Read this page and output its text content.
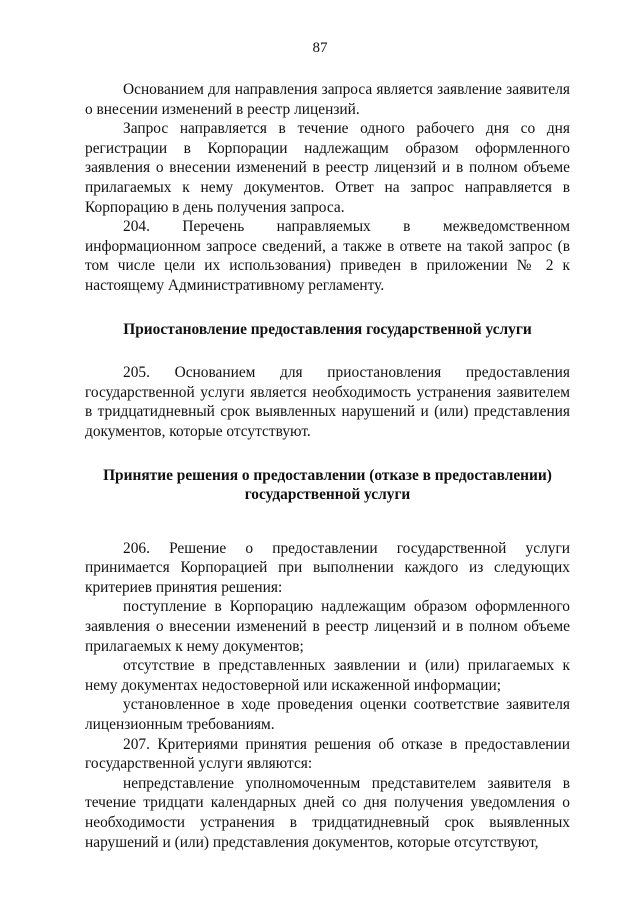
87

Основанием для направления запроса является заявление заявителя о внесении изменений в реестр лицензий.

Запрос направляется в течение одного рабочего дня со дня регистрации в Корпорации надлежащим образом оформленного заявления о внесении изменений в реестр лицензий и в полном объеме прилагаемых к нему документов. Ответ на запрос направляется в Корпорацию в день получения запроса.

204. Перечень направляемых в межведомственном информационном запросе сведений, а также в ответе на такой запрос (в том числе цели их использования) приведен в приложении № 2 к настоящему Административному регламенту.

Приостановление предоставления государственной услуги

205. Основанием для приостановления предоставления государственной услуги является необходимость устранения заявителем в тридцатидневный срок выявленных нарушений и (или) представления документов, которые отсутствуют.

Принятие решения о предоставлении (отказе в предоставлении) государственной услуги

206. Решение о предоставлении государственной услуги принимается Корпорацией при выполнении каждого из следующих критериев принятия решения:

поступление в Корпорацию надлежащим образом оформленного заявления о внесении изменений в реестр лицензий и в полном объеме прилагаемых к нему документов;

отсутствие в представленных заявлении и (или) прилагаемых к нему документах недостоверной или искаженной информации;

установленное в ходе проведения оценки соответствие заявителя лицензионным требованиям.

207. Критериями принятия решения об отказе в предоставлении государственной услуги являются:

непредставление уполномоченным представителем заявителя в течение тридцати календарных дней со дня получения уведомления о необходимости устранения в тридцатидневный срок выявленных нарушений и (или) представления документов, которые отсутствуют,
